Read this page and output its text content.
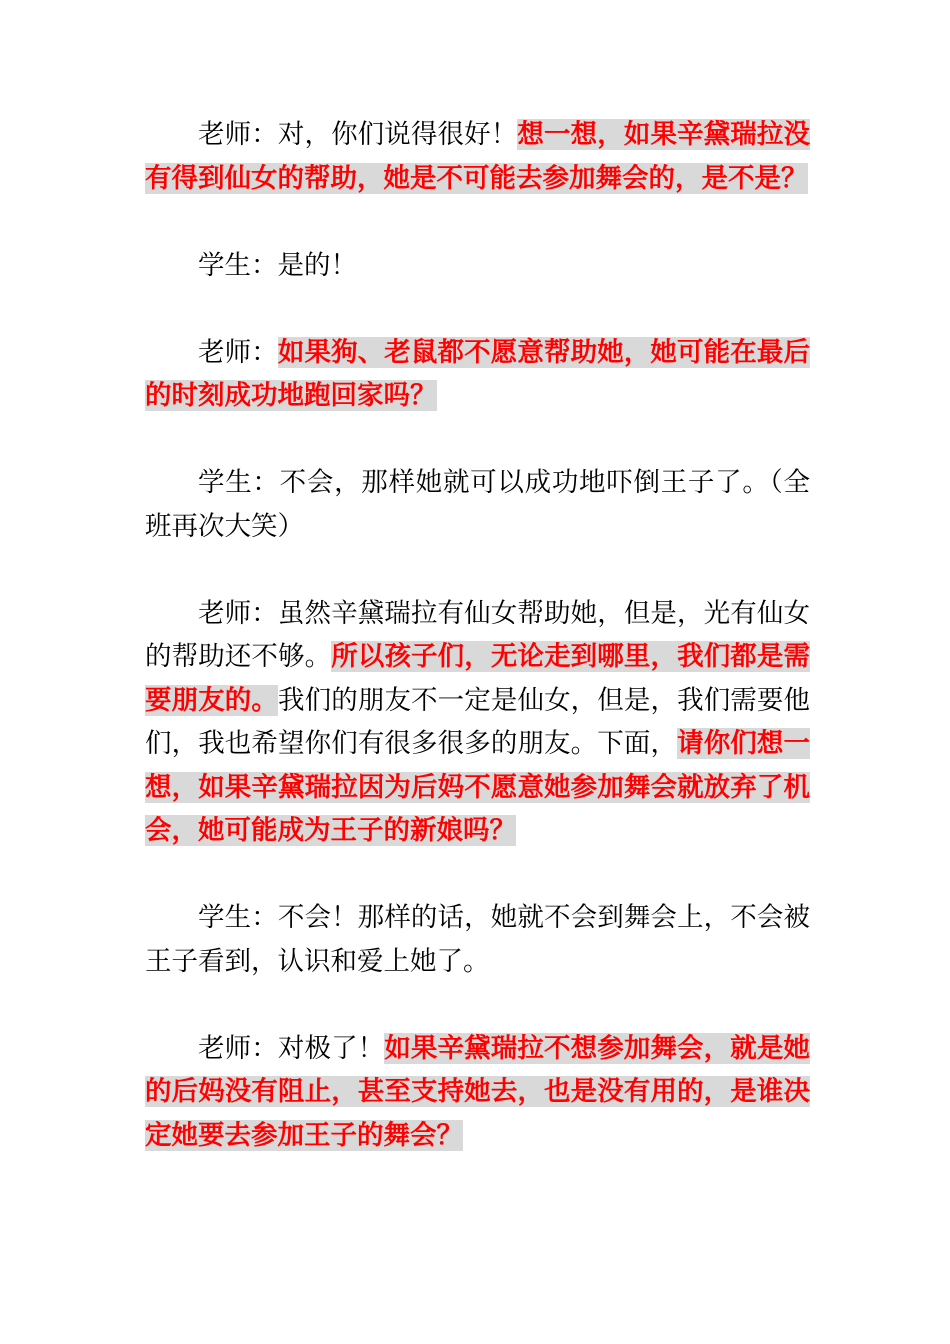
老师：对，你们说得很好！想一想，如果辛黛瑞拉没有得到仙女的帮助，她是不可能去参加舞会的，是不是？

学生：是的！

老师：如果狗、老鼠都不愿意帮助她，她可能在最后的时刻成功地跑回家吗？

学生：不会，那样她就可以成功地吓倒王子了。（全班再次大笑）

老师：虽然辛黛瑞拉有仙女帮助她，但是，光有仙女的帮助还不够。所以孩子们，无论走到哪里，我们都是需要朋友的。我们的朋友不一定是仙女，但是，我们需要他们，我也希望你们有很多很多的朋友。下面，请你们想一想，如果辛黛瑞拉因为后妈不愿意她参加舞会就放弃了机会，她可能成为王子的新娘吗？

学生：不会！那样的话，她就不会到舞会上，不会被王子看到，认识和爱上她了。

老师：对极了！如果辛黛瑞拉不想参加舞会，就是她的后妈没有阻止，甚至支持她去，也是没有用的，是谁决定她要去参加王子的舞会？
